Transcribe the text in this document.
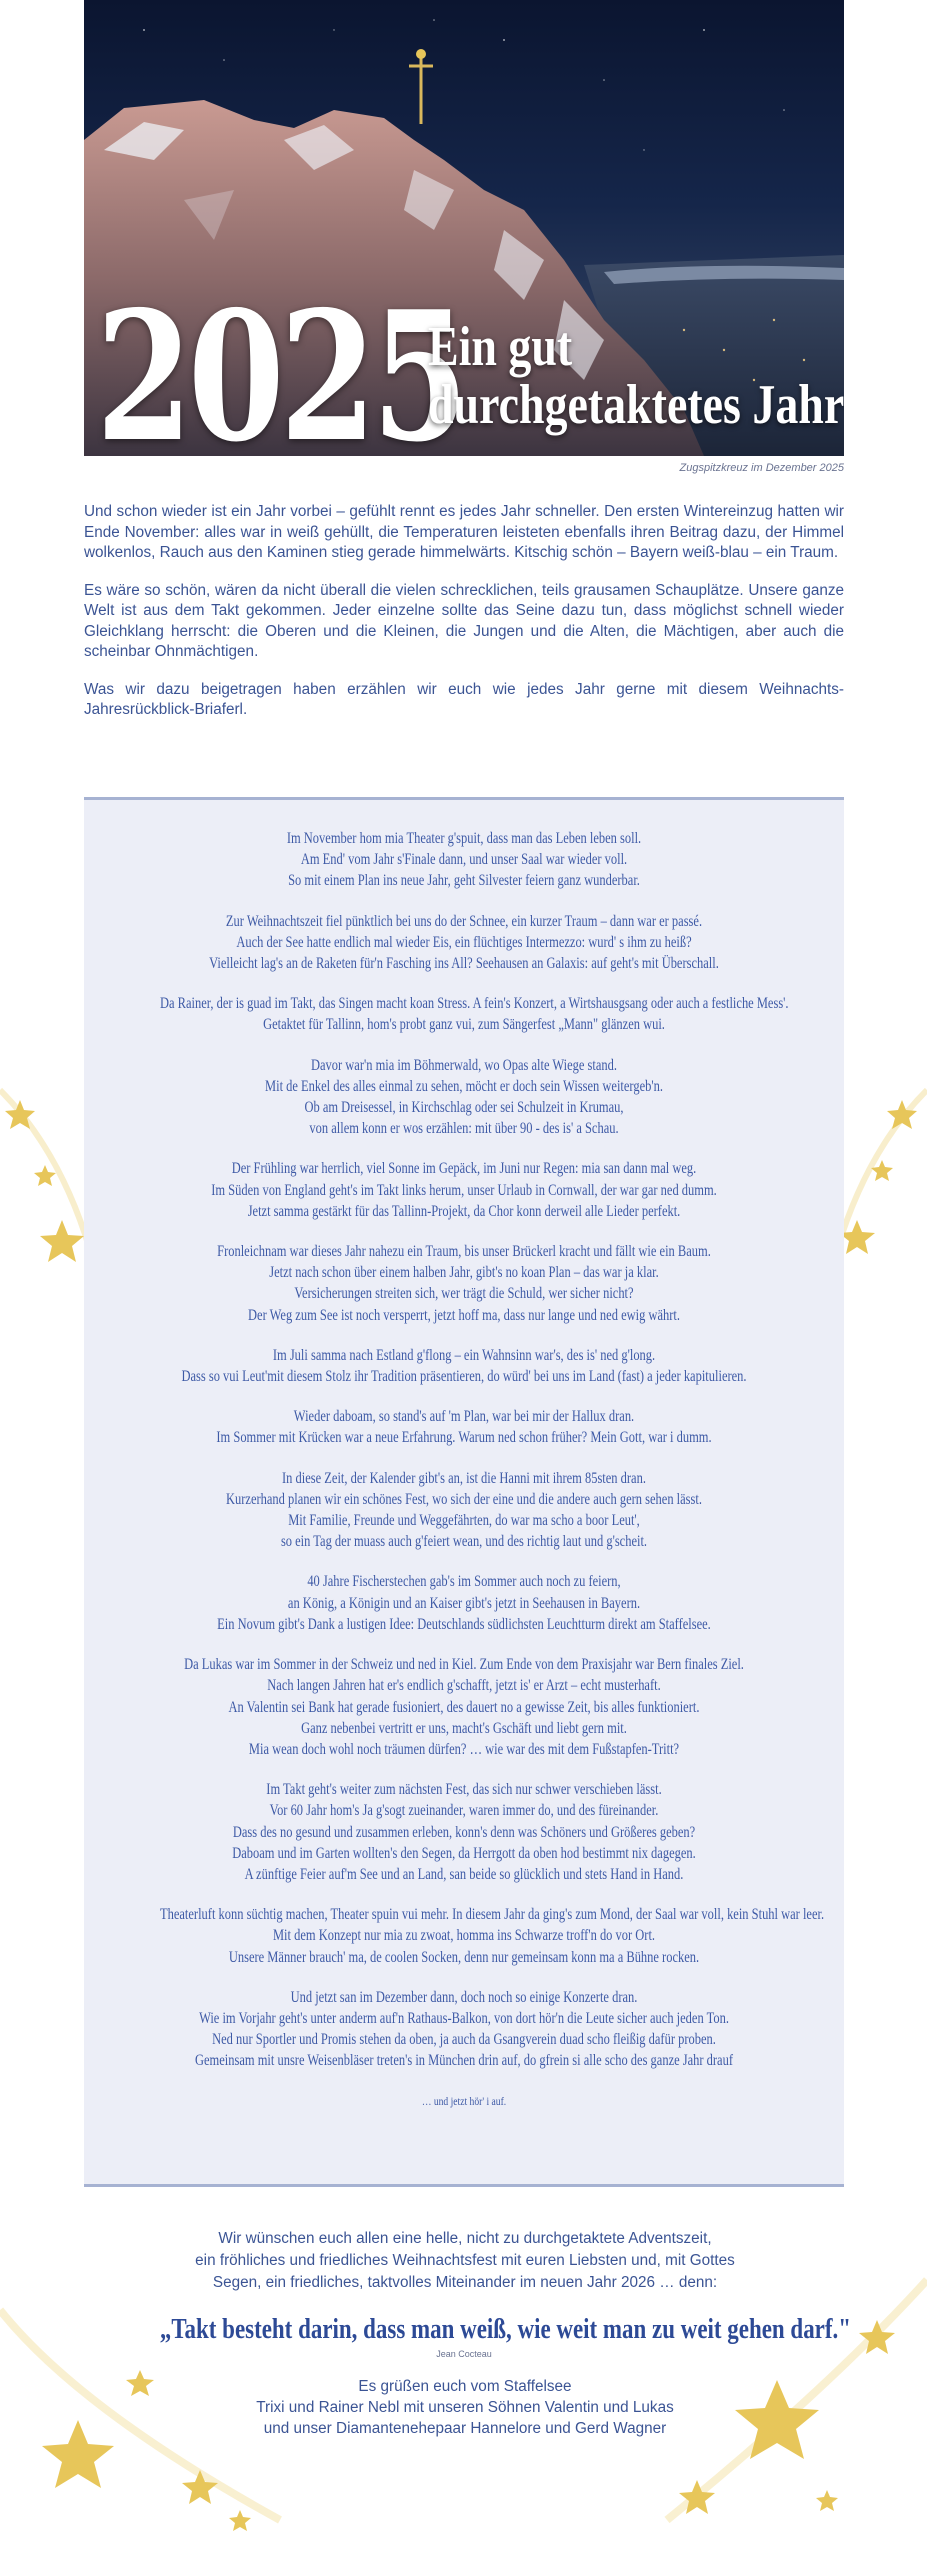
2025
Ein gut
durchgetaktetes Jahr
Zugspitzkreuz im Dezember 2025

Und schon wieder ist ein Jahr vorbei – gefühlt rennt es jedes Jahr schneller. Den ersten Wintereinzug hatten wir Ende November: alles war in weiß gehüllt, die Temperaturen leisteten ebenfalls ihren Beitrag dazu, der Himmel wolkenlos, Rauch aus den Kaminen stieg gerade himmelwärts. Kitschig schön – Bayern weiß-blau – ein Traum.

Es wäre so schön, wären da nicht überall die vielen schrecklichen, teils grausamen Schauplätze. Unsere ganze Welt ist aus dem Takt gekommen. Jeder einzelne sollte das Seine dazu tun, dass möglichst schnell wieder Gleichklang herrscht: die Oberen und die Kleinen, die Jungen und die Alten, die Mächtigen, aber auch die scheinbar Ohnmächtigen.

Was wir dazu beigetragen haben erzählen wir euch wie jedes Jahr gerne mit diesem Weihnachts-Jahresrückblick-Briaferl.

Im November hom mia Theater g'spuit, dass man das Leben leben soll.
Am End' vom Jahr s'Finale dann, und unser Saal war wieder voll.
So mit einem Plan ins neue Jahr, geht Silvester feiern ganz wunderbar.
Zur Weihnachtszeit fiel pünktlich bei uns do der Schnee, ein kurzer Traum – dann war er passé.
Auch der See hatte endlich mal wieder Eis, ein flüchtiges Intermezzo: wurd' s ihm zu heiß?
Vielleicht lag's an de Raketen für'n Fasching ins All? Seehausen an Galaxis: auf geht's mit Überschall.
Da Rainer, der is guad im Takt, das Singen macht koan Stress. A fein's Konzert, a Wirtshausgsang oder auch a festliche Mess'.
Getaktet für Tallinn, hom's probt ganz vui, zum Sängerfest „Mann" glänzen wui.
Davor war'n mia im Böhmerwald, wo Opas alte Wiege stand.
Mit de Enkel des alles einmal zu sehen, möcht er doch sein Wissen weitergeb'n.
Ob am Dreisessel, in Kirchschlag oder sei Schulzeit in Krumau,
von allem konn er wos erzählen: mit über 90 - des is' a Schau.
Der Frühling war herrlich, viel Sonne im Gepäck, im Juni nur Regen: mia san dann mal weg.
Im Süden von England geht's im Takt links herum, unser Urlaub in Cornwall, der war gar ned dumm.
Jetzt samma gestärkt für das Tallinn-Projekt, da Chor konn derweil alle Lieder perfekt.
Fronleichnam war dieses Jahr nahezu ein Traum, bis unser Brückerl kracht und fällt wie ein Baum.
Jetzt nach schon über einem halben Jahr, gibt's no koan Plan – das war ja klar.
Versicherungen streiten sich, wer trägt die Schuld, wer sicher nicht?
Der Weg zum See ist noch versperrt, jetzt hoff ma, dass nur lange und ned ewig währt.
Im Juli samma nach Estland g'flong – ein Wahnsinn war's, des is' ned g'long.
Dass so vui Leut'mit diesem Stolz ihr Tradition präsentieren, do würd' bei uns im Land (fast) a jeder kapitulieren.
Wieder daboam, so stand's auf 'm Plan, war bei mir der Hallux dran.
Im Sommer mit Krücken war a neue Erfahrung. Warum ned schon früher? Mein Gott, war i dumm.
In diese Zeit, der Kalender gibt's an, ist die Hanni mit ihrem 85sten dran.
Kurzerhand planen wir ein schönes Fest, wo sich der eine und die andere auch gern sehen lässt.
Mit Familie, Freunde und Weggefährten, do war ma scho a boor Leut',
so ein Tag der muass auch g'feiert wean, und des richtig laut und g'scheit.
40 Jahre Fischerstechen gab's im Sommer auch noch zu feiern,
an König, a Königin und an Kaiser gibt's jetzt in Seehausen in Bayern.
Ein Novum gibt's Dank a lustigen Idee: Deutschlands südlichsten Leuchtturm direkt am Staffelsee.
Da Lukas war im Sommer in der Schweiz und ned in Kiel. Zum Ende von dem Praxisjahr war Bern finales Ziel.
Nach langen Jahren hat er's endlich g'schafft, jetzt is' er Arzt – echt musterhaft.
An Valentin sei Bank hat gerade fusioniert, des dauert no a gewisse Zeit, bis alles funktioniert.
Ganz nebenbei vertritt er uns, macht's Gschäft und liebt gern mit.
Mia wean doch wohl noch träumen dürfen? … wie war des mit dem Fußstapfen-Tritt?
Im Takt geht's weiter zum nächsten Fest, das sich nur schwer verschieben lässt.
Vor 60 Jahr hom's Ja g'sogt zueinander, waren immer do, und des füreinander.
Dass des no gesund und zusammen erleben, konn's denn was Schöners und Größeres geben?
Daboam und im Garten wollten's den Segen, da Herrgott da oben hod bestimmt nix dagegen.
A zünftige Feier auf'm See und an Land, san beide so glücklich und stets Hand in Hand.
Theaterluft konn süchtig machen, Theater spuin vui mehr. In diesem Jahr da ging's zum Mond, der Saal war voll, kein Stuhl war leer.
Mit dem Konzept nur mia zu zwoat, homma ins Schwarze troff'n do vor Ort.
Unsere Männer brauch' ma, de coolen Socken, denn nur gemeinsam konn ma a Bühne rocken.
Und jetzt san im Dezember dann, doch noch so einige Konzerte dran.
Wie im Vorjahr geht's unter anderm auf'n Rathaus-Balkon, von dort hör'n die Leute sicher auch jeden Ton.
Ned nur Sportler und Promis stehen da oben, ja auch da Gsangverein duad scho fleißig dafür proben.
Gemeinsam mit unsre Weisenbläser treten's in München drin auf, do gfrein si alle scho des ganze Jahr drauf
… und jetzt hör' i auf.
Wir wünschen euch allen eine helle, nicht zu durchgetaktete Adventszeit,
ein fröhliches und friedliches Weihnachtsfest mit euren Liebsten und, mit Gottes
Segen, ein friedliches, taktvolles Miteinander im neuen Jahr 2026 … denn:
„Takt besteht darin, dass man weiß, wie weit man zu weit gehen darf."
Jean Cocteau
Es grüßen euch vom Staffelsee
Trixi und Rainer Nebl mit unseren Söhnen Valentin und Lukas
und unser Diamantenehepaar Hannelore und Gerd Wagner
